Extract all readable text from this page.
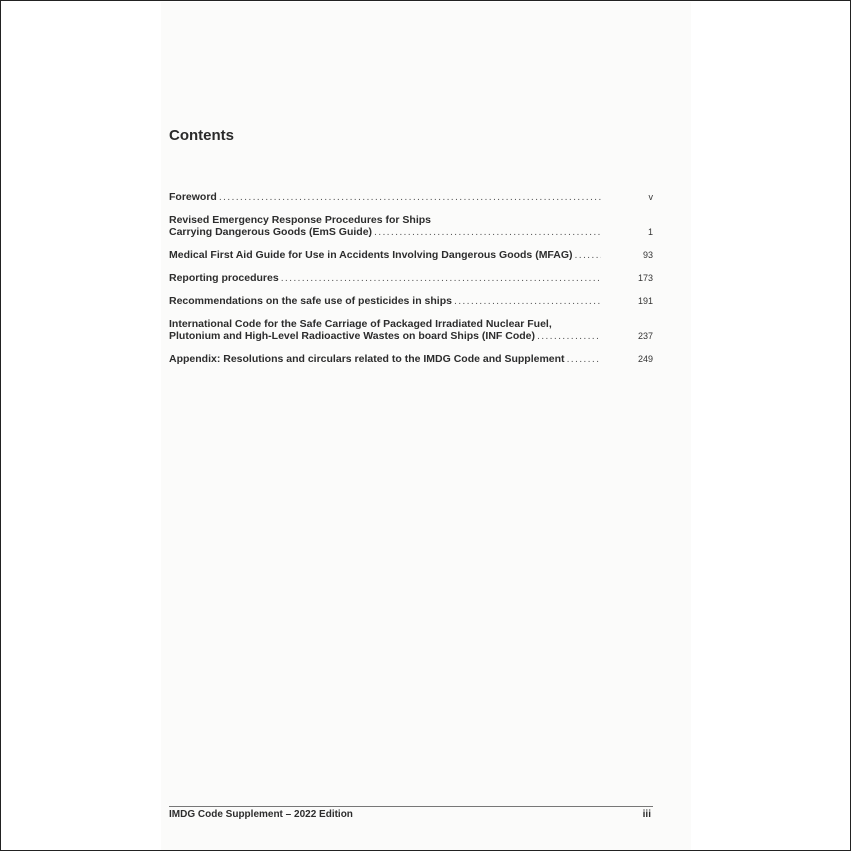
Contents
Foreword .....	v
Revised Emergency Response Procedures for Ships
Carrying Dangerous Goods (EmS Guide) .....	1
Medical First Aid Guide for Use in Accidents Involving Dangerous Goods (MFAG) .....	93
Reporting procedures .....	173
Recommendations on the safe use of pesticides in ships .....	191
International Code for the Safe Carriage of Packaged Irradiated Nuclear Fuel,
Plutonium and High-Level Radioactive Wastes on board Ships (INF Code) .....	237
Appendix: Resolutions and circulars related to the IMDG Code and Supplement .....	249
IMDG Code Supplement – 2022 Edition	iii
